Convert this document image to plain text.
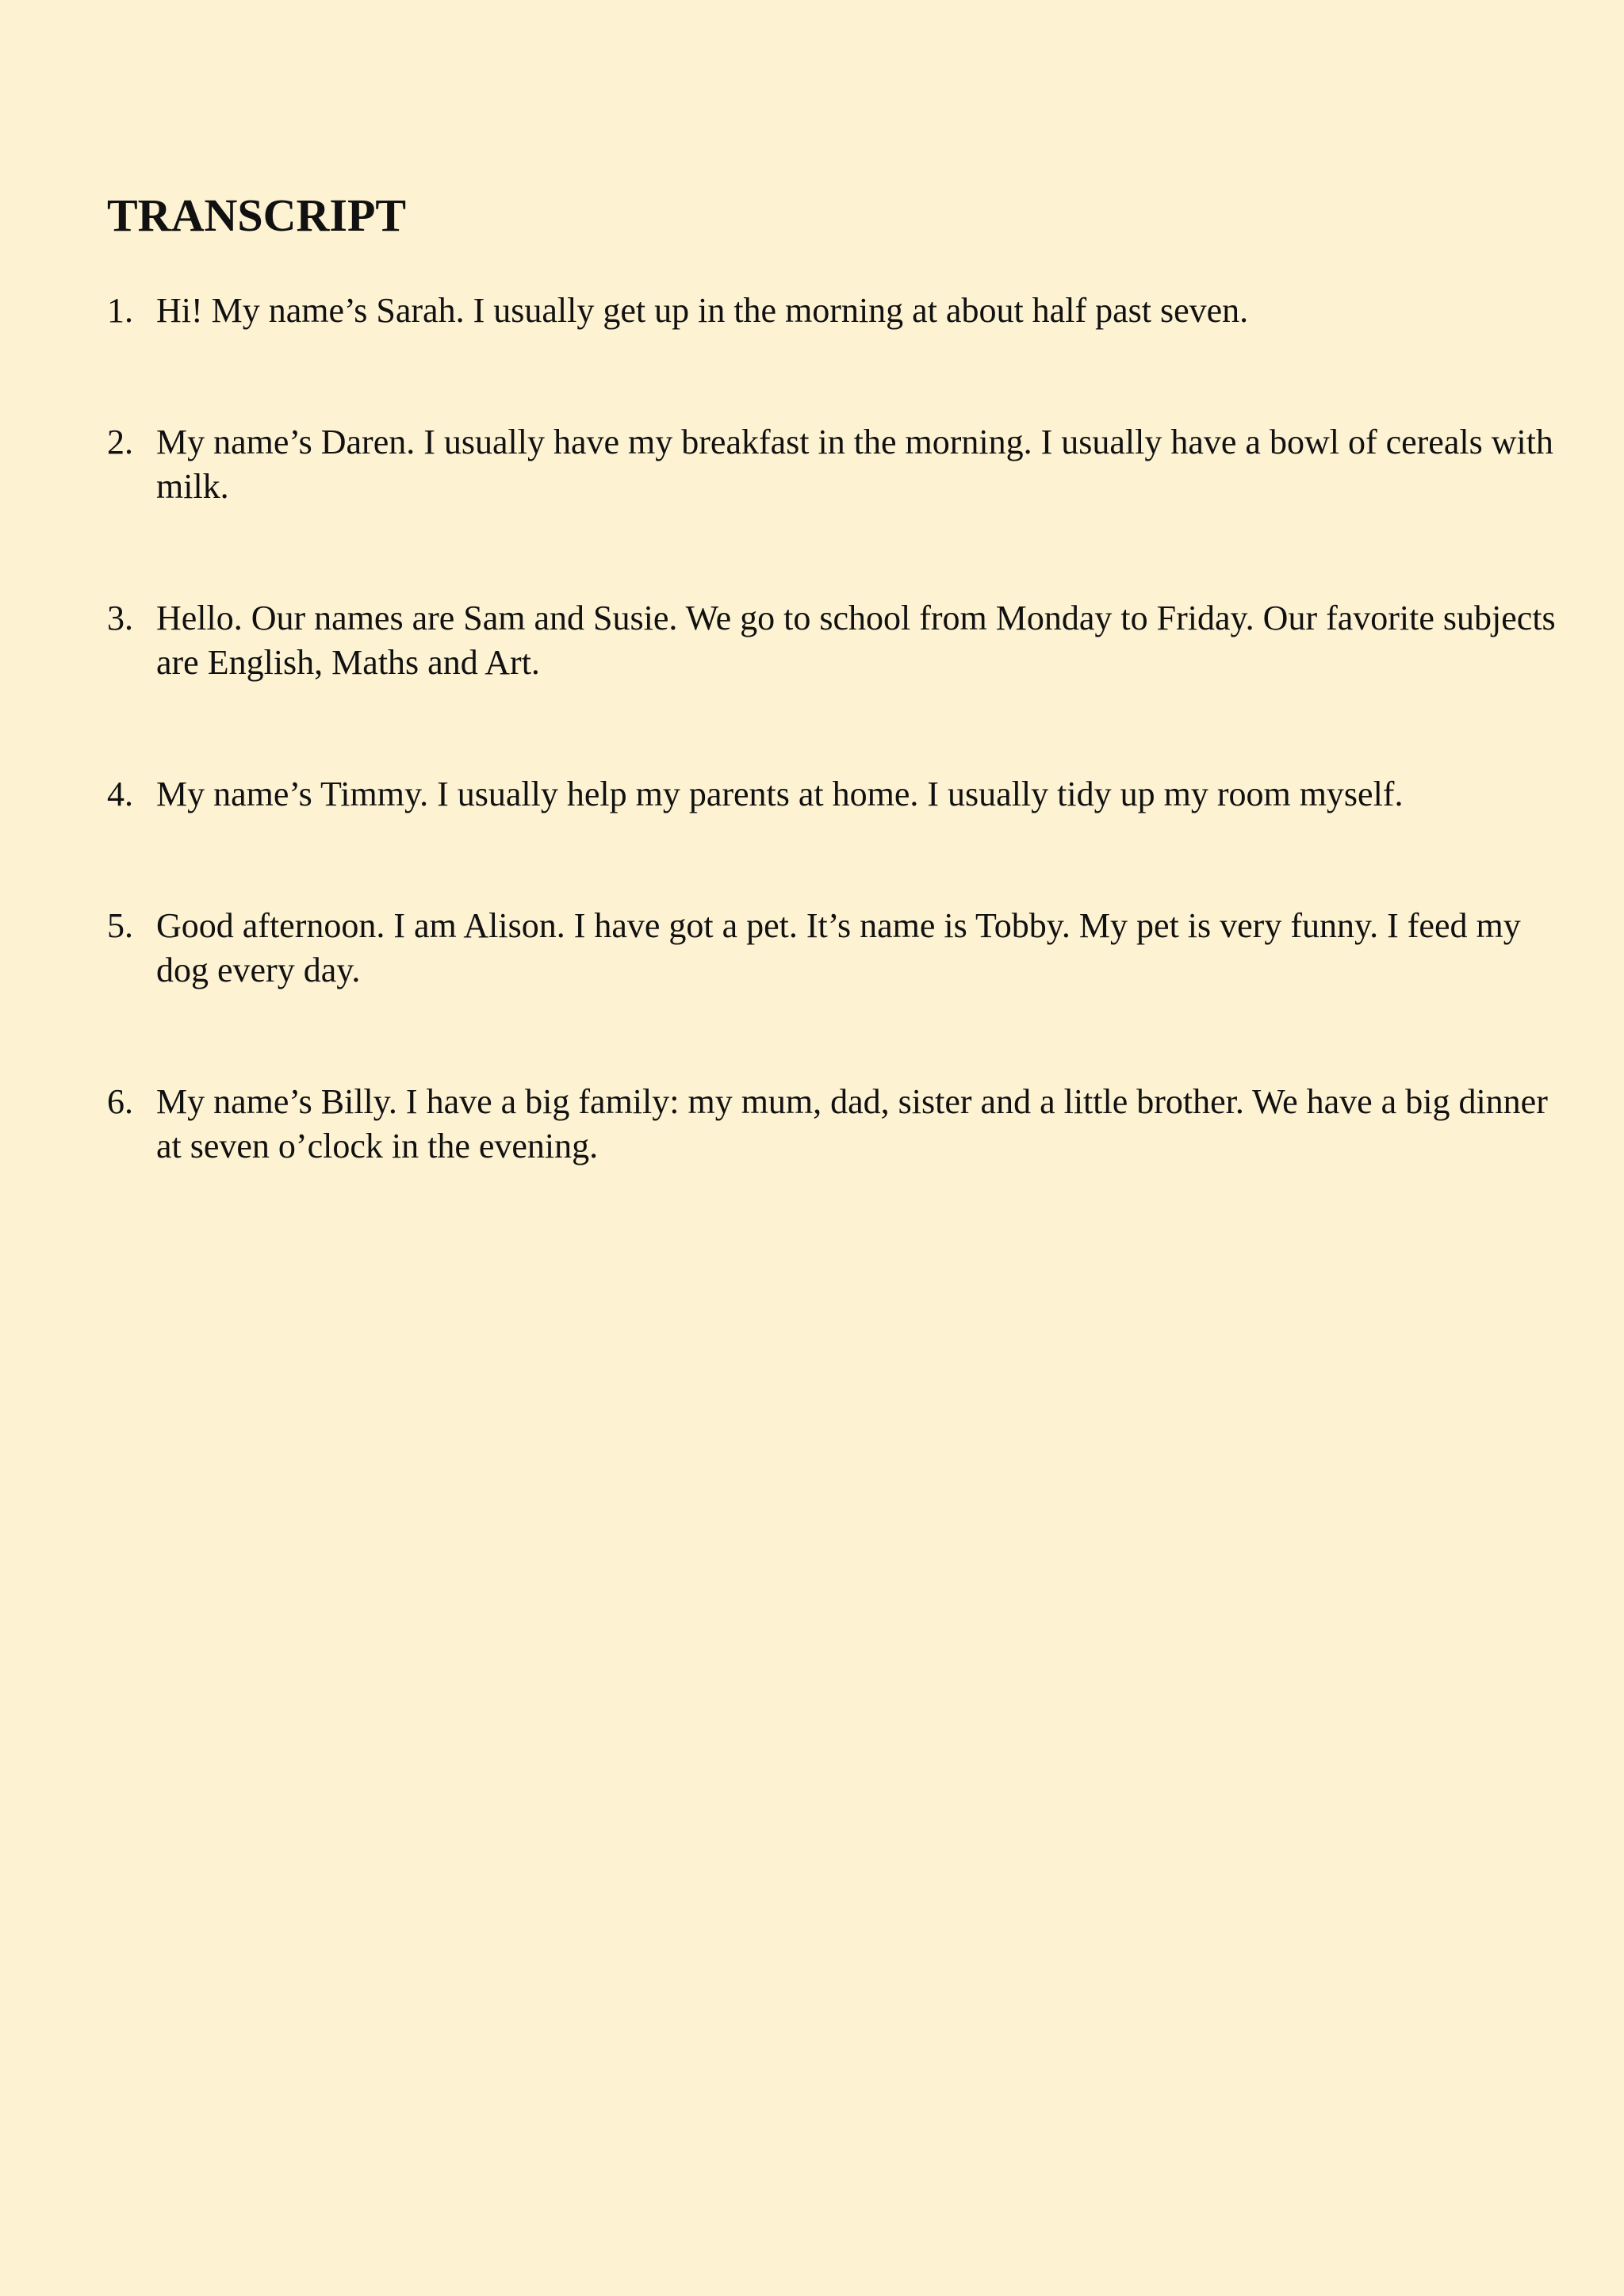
TRANSCRIPT
1. Hi! My name’s Sarah. I usually get up in the morning at about half past seven.
2. My name’s Daren. I usually have my breakfast in the morning. I usually have a bowl of cereals with milk.
3. Hello. Our names are Sam and Susie. We go to school from Monday to Friday. Our favorite subjects are English, Maths and Art.
4. My name’s Timmy. I usually help my parents at home. I usually tidy up my room myself.
5. Good afternoon. I am Alison. I have got a pet. It’s name is Tobby. My pet is very funny. I feed my dog every day.
6. My name’s Billy. I have a big family: my mum, dad, sister and a little brother. We have a big dinner at seven o’clock in the evening.
